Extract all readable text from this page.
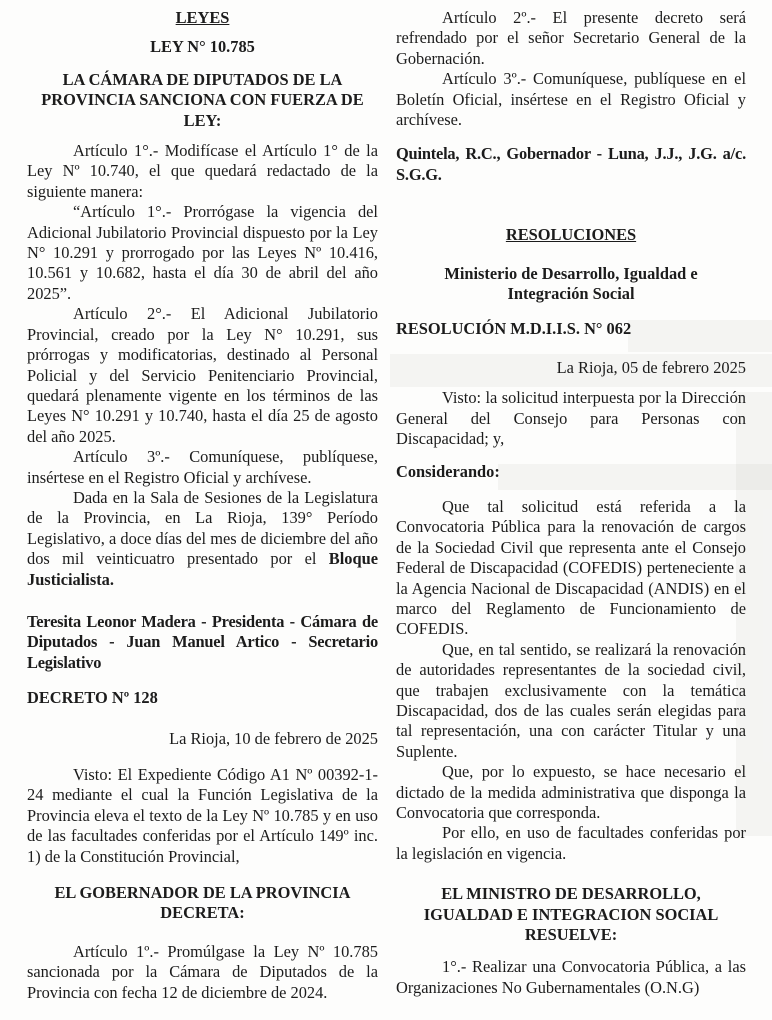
LEYES

LEY N° 10.785

LA CÁMARA DE DIPUTADOS DE LA
PROVINCIA SANCIONA CON FUERZA DE
LEY:

Artículo 1°.- Modifícase el Artículo 1° de la Ley Nº 10.740, el que quedará redactado de la siguiente manera:

“Artículo 1°.- Prorrógase la vigencia del Adicional Jubilatorio Provincial dispuesto por la Ley N° 10.291 y prorrogado por las Leyes Nº 10.416, 10.561 y 10.682, hasta el día 30 de abril del año 2025”.

Artículo 2°.- El Adicional Jubilatorio Provincial, creado por la Ley N° 10.291, sus prórrogas y modificatorias, destinado al Personal Policial y del Servicio Penitenciario Provincial, quedará plenamente vigente en los términos de las Leyes N° 10.291 y 10.740, hasta el día 25 de agosto del año 2025.

Artículo 3º.- Comuníquese, publíquese, insértese en el Registro Oficial y archívese.

Dada en la Sala de Sesiones de la Legislatura de la Provincia, en La Rioja, 139° Período Legislativo, a doce días del mes de diciembre del año dos mil veinticuatro presentado por el Bloque Justicialista.

Teresita Leonor Madera - Presidenta - Cámara de Diputados - Juan Manuel Artico - Secretario Legislativo

DECRETO Nº 128

La Rioja, 10 de febrero de 2025

Visto: El Expediente Código A1 Nº 00392-1-24 mediante el cual la Función Legislativa de la Provincia eleva el texto de la Ley Nº 10.785 y en uso de las facultades conferidas por el Artículo 149º inc. 1) de la Constitución Provincial,

EL GOBERNADOR DE LA PROVINCIA
DECRETA:

Artículo 1º.- Promúlgase la Ley Nº 10.785 sancionada por la Cámara de Diputados de la Provincia con fecha 12 de diciembre de 2024.

Artículo 2º.- El presente decreto será refrendado por el señor Secretario General de la Gobernación.

Artículo 3º.- Comuníquese, publíquese en el Boletín Oficial, insértese en el Registro Oficial y archívese.

Quintela, R.C., Gobernador - Luna, J.J., J.G. a/c. S.G.G.

RESOLUCIONES

Ministerio de Desarrollo, Igualdad e
Integración Social

RESOLUCIÓN M.D.I.I.S. N° 062

La Rioja, 05 de febrero 2025

Visto: la solicitud interpuesta por la Dirección General del Consejo para Personas con Discapacidad; y,

Considerando:

Que tal solicitud está referida a la Convocatoria Pública para la renovación de cargos de la Sociedad Civil que representa ante el Consejo Federal de Discapacidad (COFEDIS) perteneciente a la Agencia Nacional de Discapacidad (ANDIS) en el marco del Reglamento de Funcionamiento de COFEDIS.

Que, en tal sentido, se realizará la renovación de autoridades representantes de la sociedad civil, que trabajen exclusivamente con la temática Discapacidad, dos de las cuales serán elegidas para tal representación, una con carácter Titular y una Suplente.

Que, por lo expuesto, se hace necesario el dictado de la medida administrativa que disponga la Convocatoria que corresponda.

Por ello, en uso de facultades conferidas por la legislación en vigencia.

EL MINISTRO DE DESARROLLO,
IGUALDAD E INTEGRACION SOCIAL
RESUELVE:

1°.- Realizar una Convocatoria Pública, a las Organizaciones No Gubernamentales (O.N.G)
